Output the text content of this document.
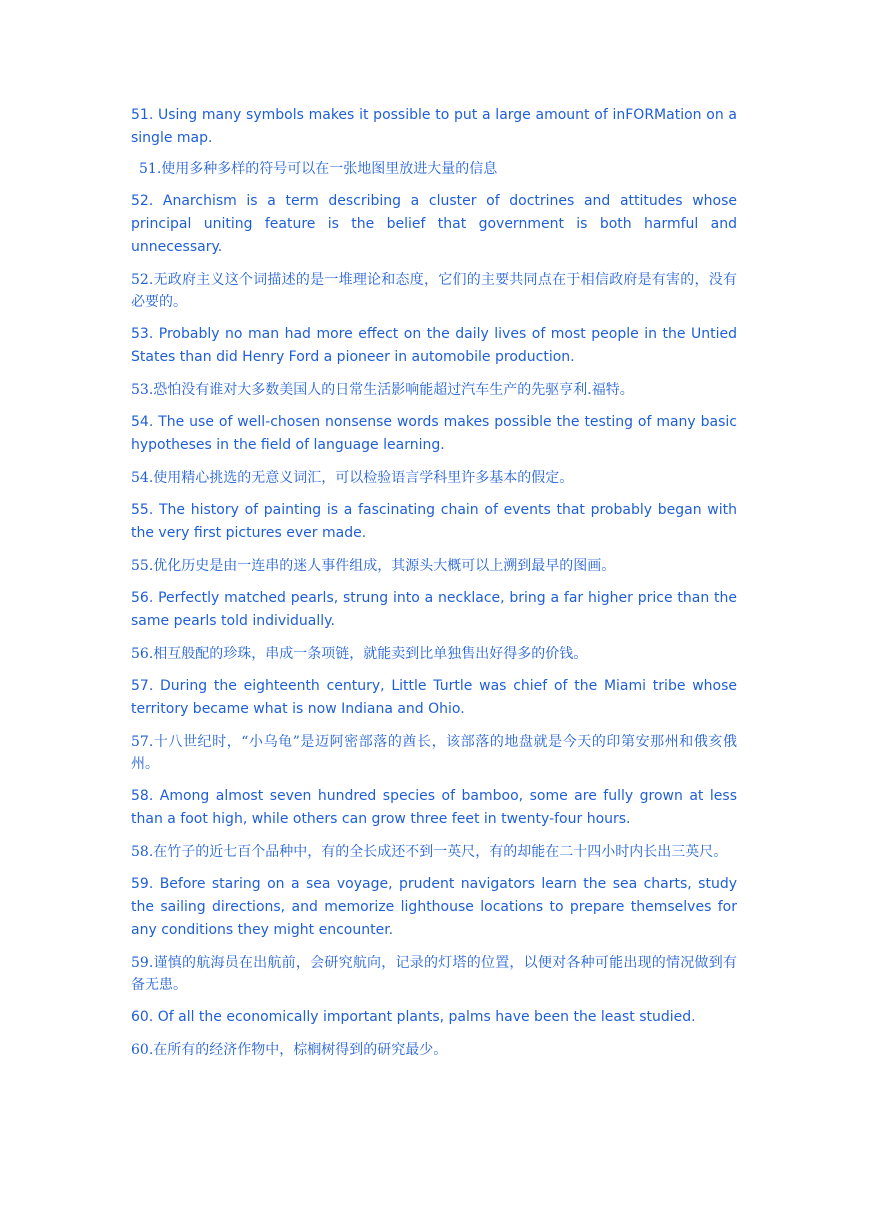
51. Using many symbols makes it possible to put a large amount of inFORMation on a single map.

51.使用多种多样的符号可以在一张地图里放进大量的信息

52. Anarchism is a term describing a cluster of doctrines and attitudes whose principal uniting feature is the belief that government is both harmful and unnecessary.

52.无政府主义这个词描述的是一堆理论和态度，它们的主要共同点在于相信政府是有害的，没有必要的。

53. Probably no man had more effect on the daily lives of most people in the Untied States than did Henry Ford a pioneer in automobile production.

53.恐怕没有谁对大多数美国人的日常生活影响能超过汽车生产的先驱亨利.福特。

54. The use of well-chosen nonsense words makes possible the testing of many basic hypotheses in the field of language learning.

54.使用精心挑选的无意义词汇，可以检验语言学科里许多基本的假定。

55. The history of painting is a fascinating chain of events that probably began with the very first pictures ever made.

55.优化历史是由一连串的迷人事件组成，其源头大概可以上溯到最早的图画。

56. Perfectly matched pearls, strung into a necklace, bring a far higher price than the same pearls told individually.

56.相互般配的珍珠，串成一条项链，就能卖到比单独售出好得多的价钱。

57. During the eighteenth century, Little Turtle was chief of the Miami tribe whose territory became what is now Indiana and Ohio.

57.十八世纪时，“小乌龟”是迈阿密部落的酋长，该部落的地盘就是今天的印第安那州和俄亥俄州。

58. Among almost seven hundred species of bamboo, some are fully grown at less than a foot high, while others can grow three feet in twenty-four hours.

58.在竹子的近七百个品种中，有的全长成还不到一英尺，有的却能在二十四小时内长出三英尺。

59. Before staring on a sea voyage, prudent navigators learn the sea charts, study the sailing directions, and memorize lighthouse locations to prepare themselves for any conditions they might encounter.

59.谨慎的航海员在出航前，会研究航向，记录的灯塔的位置，以便对各种可能出现的情况做到有备无患。

60. Of all the economically important plants, palms have been the least studied.

60.在所有的经济作物中，棕榈树得到的研究最少。
